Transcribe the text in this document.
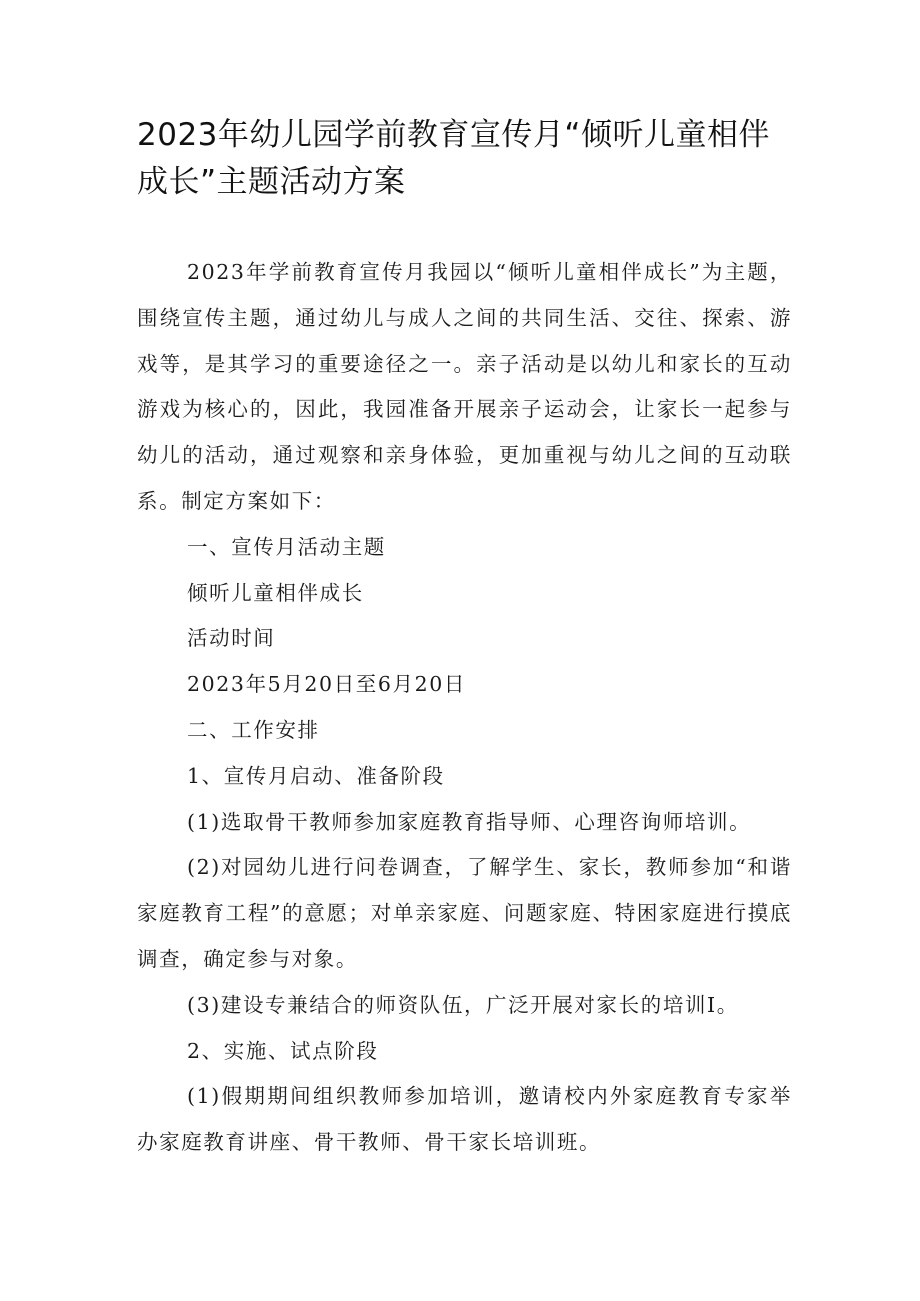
2023年幼儿园学前教育宣传月“倾听儿童相伴成长”主题活动方案

2023年学前教育宣传月我园以“倾听儿童相伴成长”为主题，围绕宣传主题，通过幼儿与成人之间的共同生活、交往、探索、游戏等，是其学习的重要途径之一。亲子活动是以幼儿和家长的互动游戏为核心的，因此，我园准备开展亲子运动会，让家长一起参与幼儿的活动，通过观察和亲身体验，更加重视与幼儿之间的互动联系。制定方案如下：

一、宣传月活动主题

倾听儿童相伴成长

活动时间

2023年5月20日至6月20日

二、工作安排

1、宣传月启动、准备阶段

(1)选取骨干教师参加家庭教育指导师、心理咨询师培训。

(2)对园幼儿进行问卷调查，了解学生、家长，教师参加“和谐家庭教育工程”的意愿；对单亲家庭、问题家庭、特困家庭进行摸底调查，确定参与对象。

(3)建设专兼结合的师资队伍，广泛开展对家长的培训I。

2、实施、试点阶段

(1)假期期间组织教师参加培训，邀请校内外家庭教育专家举办家庭教育讲座、骨干教师、骨干家长培训班。
